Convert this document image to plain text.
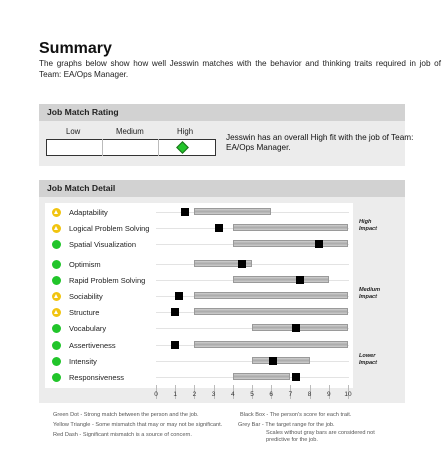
Summary
The graphs below show how well Jesswin matches with the behavior and thinking traits required in job of Team: EA/Ops Manager.
Job Match Rating
Low	Medium	High
Jesswin has an overall High fit with the job of Team: EA/Ops Manager.
Job Match Detail
Adaptability
Logical Problem Solving
Spatial Visualization
High
Impact
Optimism
Rapid Problem Solving
Sociability
Structure
Vocabulary
Medium
Impact
Assertiveness
Intensity
Responsiveness
Lower
Impact
0	1	2	3	4	5	6	7	8	9	10
Green Dot - Strong match between the person and the job.
Yellow Triangle - Some mismatch that may or may not be significant.
Red Dash - Significant mismatch is a source of concern.
Black Box - The person's score for each trait.
Grey Bar - The target range for the job.
Scales without gray bars are considered not predictive for the job.
